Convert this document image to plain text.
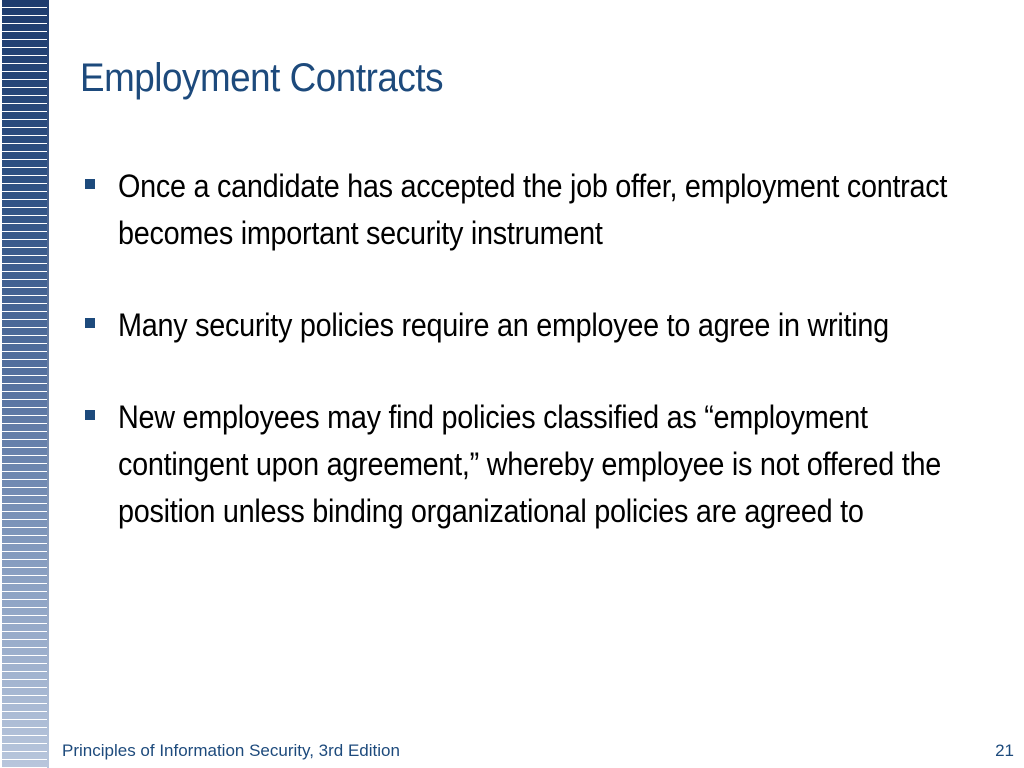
Employment Contracts
Once a candidate has accepted the job offer, employment contract becomes important security instrument
Many security policies require an employee to agree in writing
New employees may find policies classified as “employment contingent upon agreement,” whereby employee is not offered the position unless binding organizational policies are agreed to
Principles of Information Security, 3rd Edition	21
